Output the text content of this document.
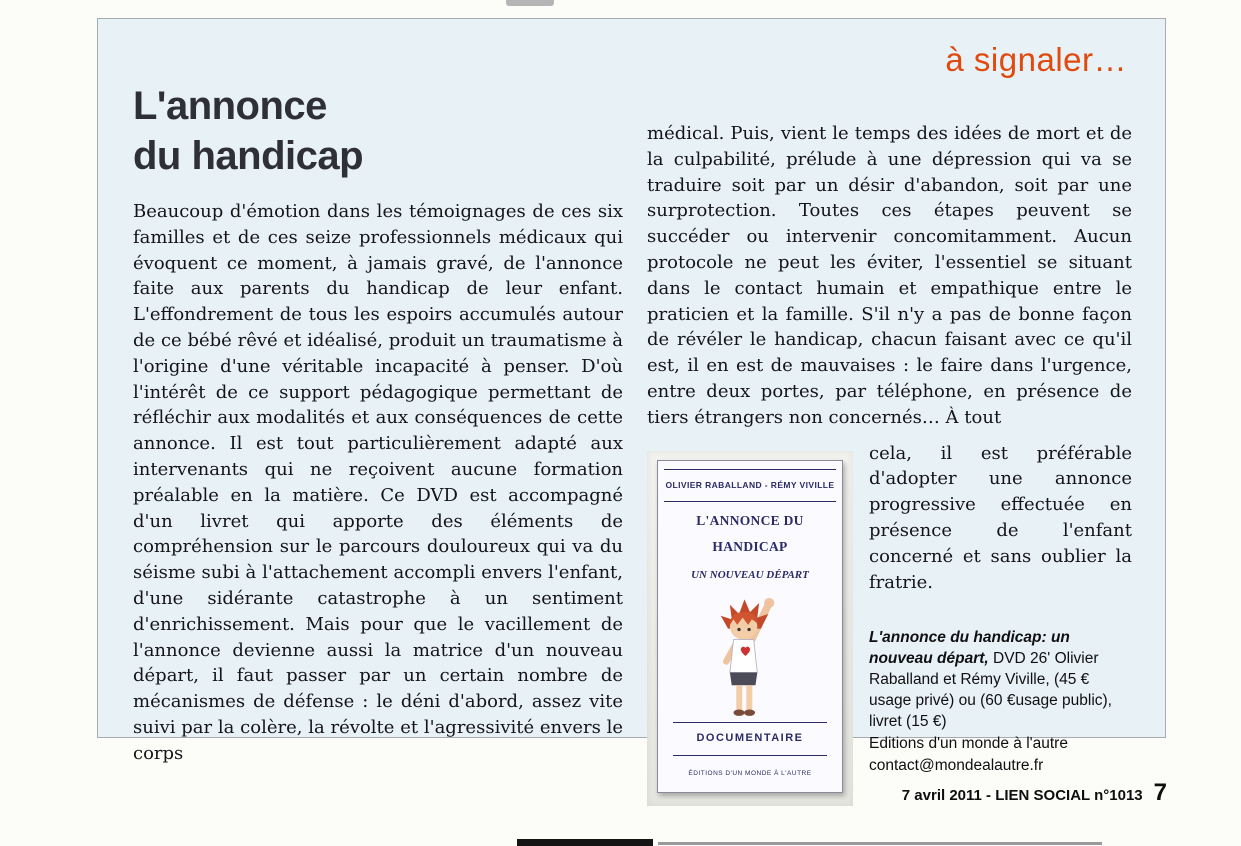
à signaler…
L'annonce
du handicap
Beaucoup d'émotion dans les témoignages de ces six familles et de ces seize professionnels médicaux qui évoquent ce moment, à jamais gravé, de l'annonce faite aux parents du handicap de leur enfant. L'effondrement de tous les espoirs accumulés autour de ce bébé rêvé et idéalisé, produit un traumatisme à l'origine d'une véritable incapacité à penser. D'où l'intérêt de ce support pédagogique permettant de réfléchir aux modalités et aux conséquences de cette annonce. Il est tout particulièrement adapté aux intervenants qui ne reçoivent aucune formation préalable en la matière. Ce DVD est accompagné d'un livret qui apporte des éléments de compréhension sur le parcours douloureux qui va du séisme subi à l'attachement accompli envers l'enfant, d'une sidérante catastrophe à un sentiment d'enrichissement. Mais pour que le vacillement de l'annonce devienne aussi la matrice d'un nouveau départ, il faut passer par un certain nombre de mécanismes de défense : le déni d'abord, assez vite suivi par la colère, la révolte et l'agressivité envers le corps

médical. Puis, vient le temps des idées de mort et de la culpabilité, prélude à une dépression qui va se traduire soit par un désir d'abandon, soit par une surprotection. Toutes ces étapes peuvent se succéder ou intervenir concomitamment. Aucun protocole ne peut les éviter, l'essentiel se situant dans le contact humain et empathique entre le praticien et la famille. S'il n'y a pas de bonne façon de révéler le handicap, chacun faisant avec ce qu'il est, il en est de mauvaises : le faire dans l'urgence, entre deux portes, par téléphone, en présence de tiers étrangers non concernés… À tout

OLIVIER RABALLAND - RÉMY VIVILLE
L'ANNONCE DU HANDICAP
UN NOUVEAU DÉPART
DOCUMENTAIRE
ÉDITIONS D'UN MONDE À L'AUTRE

cela, il est préférable d'adopter une annonce progressive effectuée en présence de l'enfant concerné et sans oublier la fratrie.

L'annonce du handicap: un nouveau départ, DVD 26' Olivier Raballand et Rémy Viville, (45 € usage privé) ou (60 €usage public), livret (15 €)

Editions d'un monde à l'autre
contact@mondealautre.fr
7 avril 2011 - LIEN SOCIAL n°1013 7
